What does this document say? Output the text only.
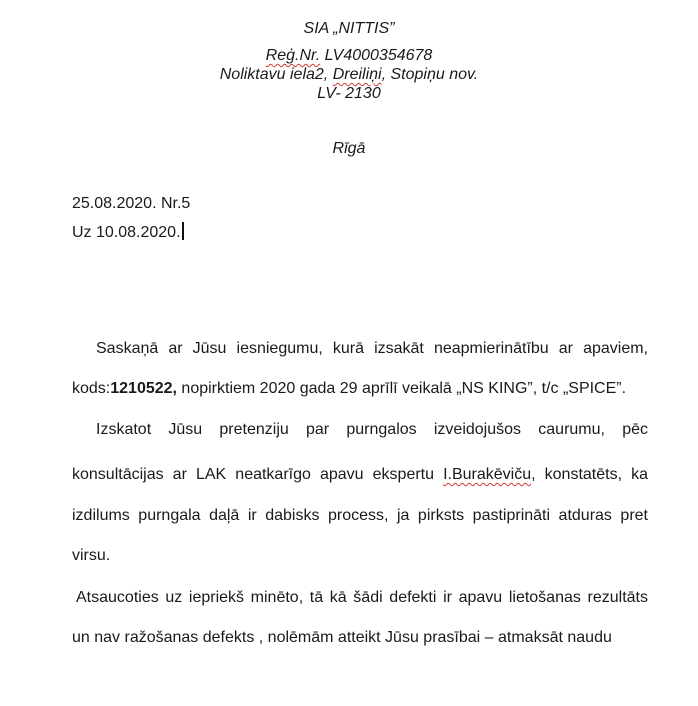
SIA „NITTIS”
Reģ.Nr. LV4000354678
Noliktavu iela2, Dreiliņi, Stopiņu nov.
LV- 2130
Rīgā
25.08.2020. Nr.5
Uz 10.08.2020.
Saskaņā ar Jūsu iesniegumu, kurā izsakāt neapmierinātību ar apaviem,
kods:1210522, nopirktiem 2020 gada 29 aprīlī veikalā „NS KING”, t/c „SPICE”.
Izskatot Jūsu pretenziju par purngalos izveidojušos caurumu, pēc
konsultācijas ar LAK neatkarīgo apavu ekspertu I.Burakēviču, konstatēts, ka
izdilums purngala daļā ir dabisks process, ja pirksts pastiprināti atduras pret
virsu.
Atsaucoties uz iepriekš minēto, tā kā šādi defekti ir apavu lietošanas rezultāts
un nav ražošanas defekts , nolēmām atteikt Jūsu prasībai – atmaksāt naudu
